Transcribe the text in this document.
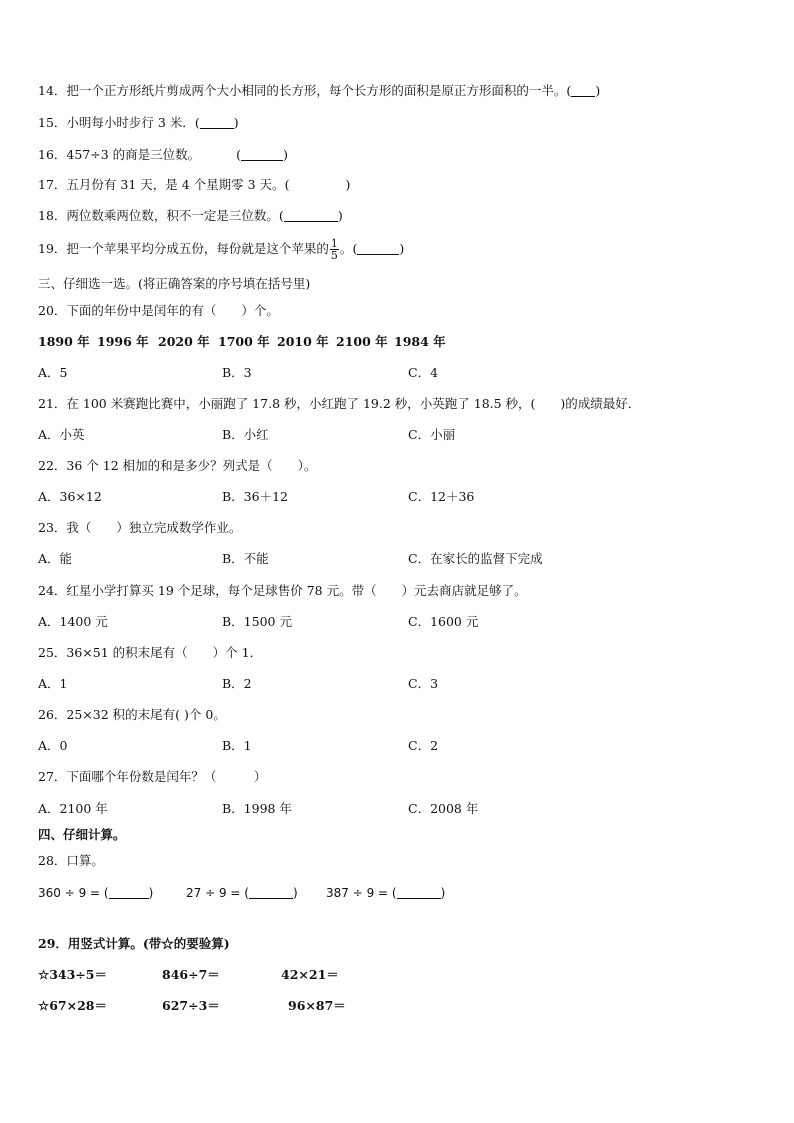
14．把一个正方形纸片剪成两个大小相同的长方形，每个长方形的面积是原正方形面积的一半。( )
15．小明每小时步行 3 米．(	)
16．457÷3 的商是三位数。	(	)
17．五月份有 31 天，是 4 个星期零 3 天。(	)
18．两位数乘两位数，积不一定是三位数。(	)
19．把一个苹果平均分成五份，每份就是这个苹果的 $\frac{1}{5}$ 。(	)
三、仔细选一选。(将正确答案的序号填在括号里)
20．下面的年份中是闰年的有（　　）个。
1890 年 1996 年 2020 年 1700 年 2010 年 2100 年 1984 年
A．5	B．3	C．4
21．在 100 米赛跑比赛中，小丽跑了 17.8 秒，小红跑了 19.2 秒，小英跑了 18.5 秒，(　　)的成绩最好．
A．小英	B．小红	C．小丽
22．36 个 12 相加的和是多少？列式是（　　）。
A．36×12	B．36＋12	C．12＋36
23．我（　　）独立完成数学作业。
A．能	B．不能	C．在家长的监督下完成
24．红星小学打算买 19 个足球，每个足球售价 78 元。带（　　）元去商店就足够了。
A．1400 元	B．1500 元	C．1600 元
25．36×51 的积末尾有（　　）个 1．
A．1	B．2	C．3
26．25×32 积的末尾有( )个 0。
A．0	B．1	C．2
27．下面哪个年份数是闰年？（　　　）
A．2100 年	B．1998 年	C．2008 年
四、仔细计算。
28．口算。
360 ÷ 9 = (	)	27 ÷ 9 = (	) 387 ÷ 9 = (	)
29．用竖式计算。(带☆的要验算)
☆343÷5＝	846÷7＝	42×21＝
☆67×28＝	627÷3＝	96×87＝
